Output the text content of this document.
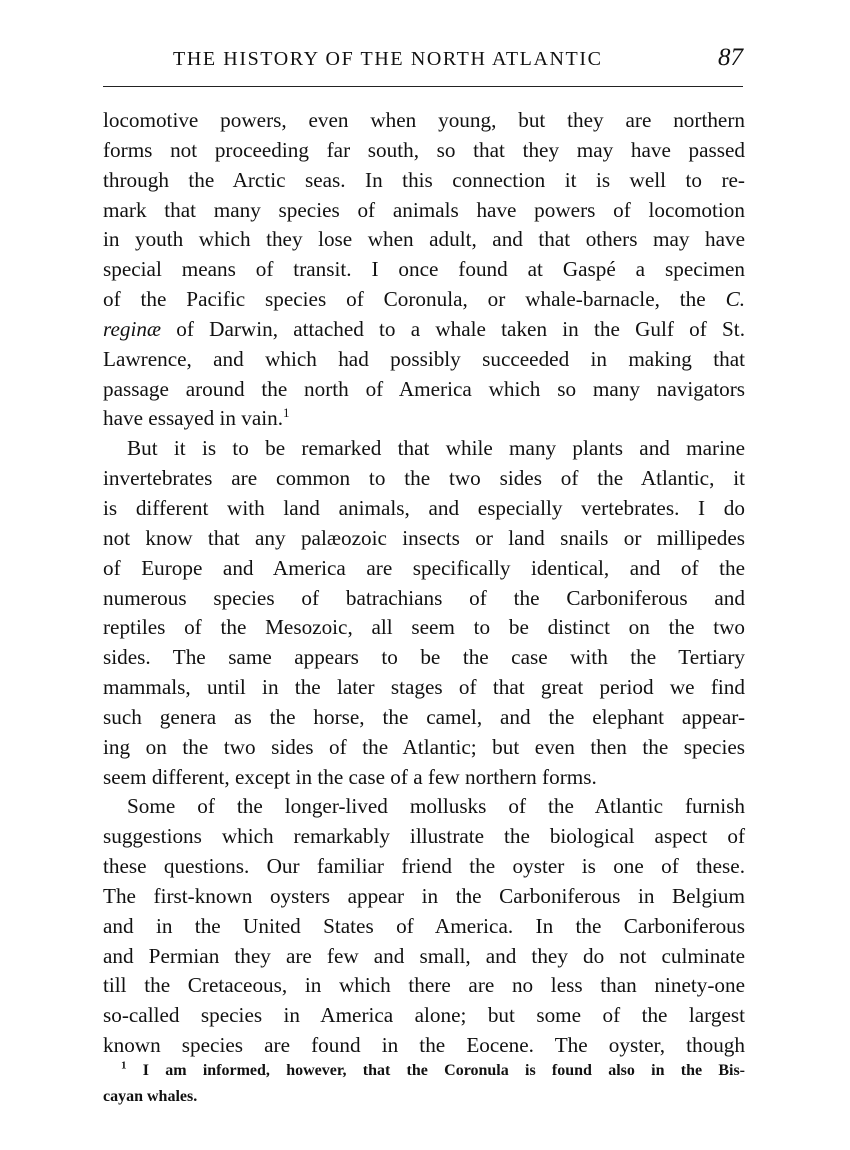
THE HISTORY OF THE NORTH ATLANTIC	87
locomotive powers, even when young, but they are northern
forms not proceeding far south, so that they may have passed
through the Arctic seas. In this connection it is well to re-
mark that many species of animals have powers of locomotion
in youth which they lose when adult, and that others may have
special means of transit. I once found at Gaspé a specimen
of the Pacific species of Coronula, or whale-barnacle, the C.
reginæ of Darwin, attached to a whale taken in the Gulf of St.
Lawrence, and which had possibly succeeded in making that
passage around the north of America which so many navigators
have essayed in vain.$^1$
But it is to be remarked that while many plants and marine
invertebrates are common to the two sides of the Atlantic, it
is different with land animals, and especially vertebrates. I do
not know that any palæozoic insects or land snails or millipedes
of Europe and America are specifically identical, and of the
numerous species of batrachians of the Carboniferous and
reptiles of the Mesozoic, all seem to be distinct on the two
sides. The same appears to be the case with the Tertiary
mammals, until in the later stages of that great period we find
such genera as the horse, the camel, and the elephant appear-
ing on the two sides of the Atlantic; but even then the species
seem different, except in the case of a few northern forms.
Some of the longer-lived mollusks of the Atlantic furnish
suggestions which remarkably illustrate the biological aspect of
these questions. Our familiar friend the oyster is one of these.
The first-known oysters appear in the Carboniferous in Belgium
and in the United States of America. In the Carboniferous
and Permian they are few and small, and they do not culminate
till the Cretaceous, in which there are no less than ninety-one
so-called species in America alone; but some of the largest
known species are found in the Eocene. The oyster, though
$^1$ I am informed, however, that the Coronula is found also in the Bis-
cayan whales.
